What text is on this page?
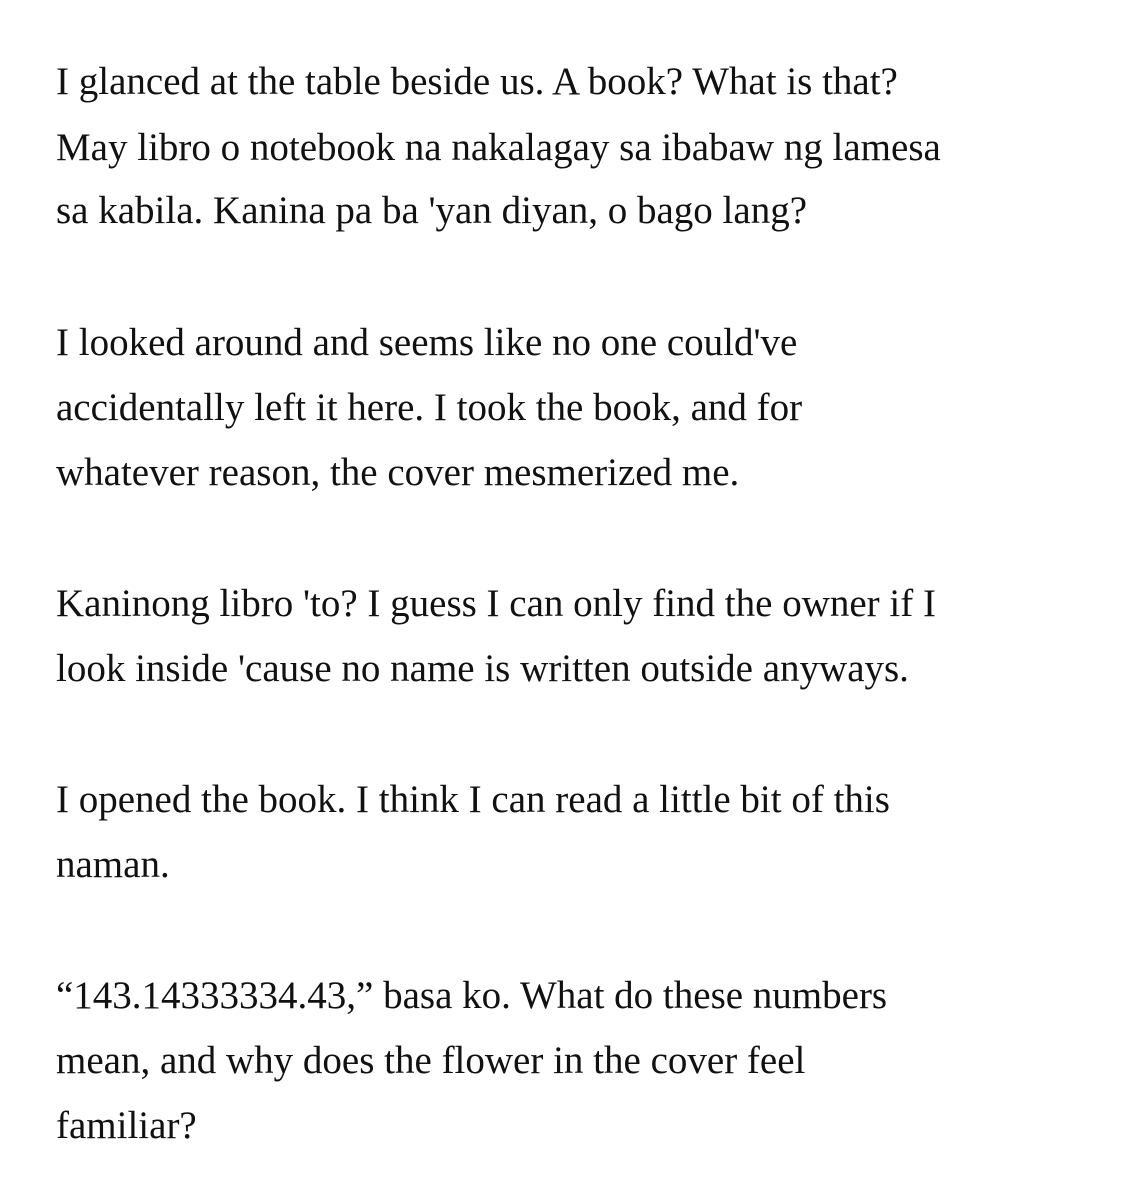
I glanced at the table beside us. A book? What is that?
May libro o notebook na nakalagay sa ibabaw ng lamesa
sa kabila. Kanina pa ba 'yan diyan, o bago lang?
I looked around and seems like no one could've
accidentally left it here. I took the book, and for
whatever reason, the cover mesmerized me.
Kaninong libro 'to? I guess I can only find the owner if I
look inside 'cause no name is written outside anyways.
I opened the book. I think I can read a little bit of this
naman.
“143.14333334.43,” basa ko. What do these numbers
mean, and why does the flower in the cover feel
familiar?
